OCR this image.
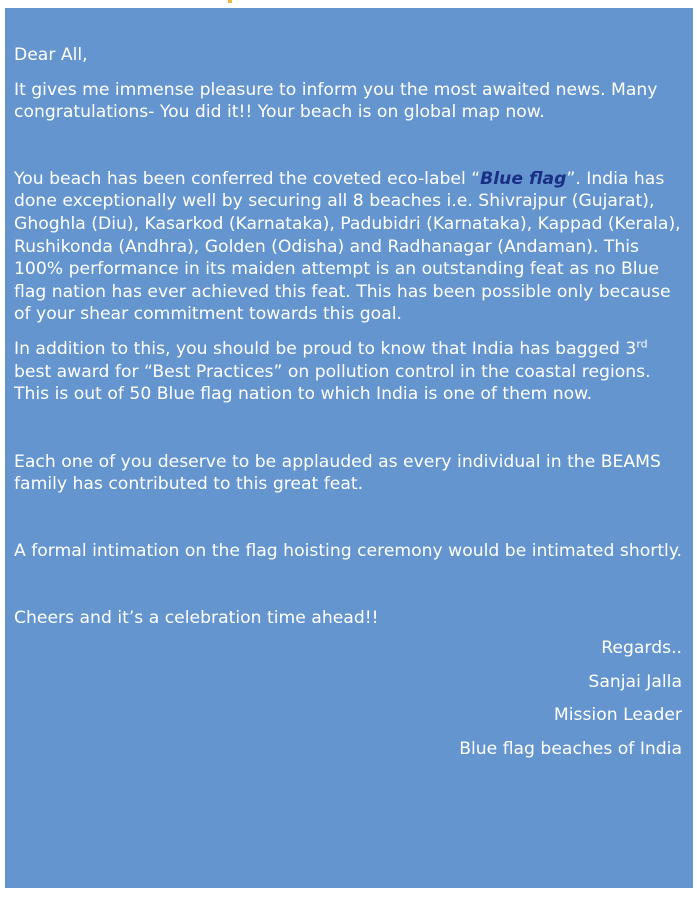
Dear All,

It gives me immense pleasure to inform you the most awaited news. Many congratulations- You did it!! Your beach is on global map now.

You beach has been conferred the coveted eco-label “Blue flag”. India has done exceptionally well by securing all 8 beaches i.e. Shivrajpur (Gujarat), Ghoghla (Diu), Kasarkod (Karnataka), Padubidri (Karnataka), Kappad (Kerala), Rushikonda (Andhra), Golden (Odisha) and Radhanagar (Andaman). This 100% performance in its maiden attempt is an outstanding feat as no Blue flag nation has ever achieved this feat. This has been possible only because of your shear commitment towards this goal.

In addition to this, you should be proud to know that India has bagged 3rd best award for “Best Practices” on pollution control in the coastal regions. This is out of 50 Blue flag nation to which India is one of them now.

Each one of you deserve to be applauded as every individual in the BEAMS family has contributed to this great feat.

A formal intimation on the flag hoisting ceremony would be intimated shortly.

Cheers and it’s a celebration time ahead!!

Regards..

Sanjai Jalla

Mission Leader

Blue flag beaches of India
